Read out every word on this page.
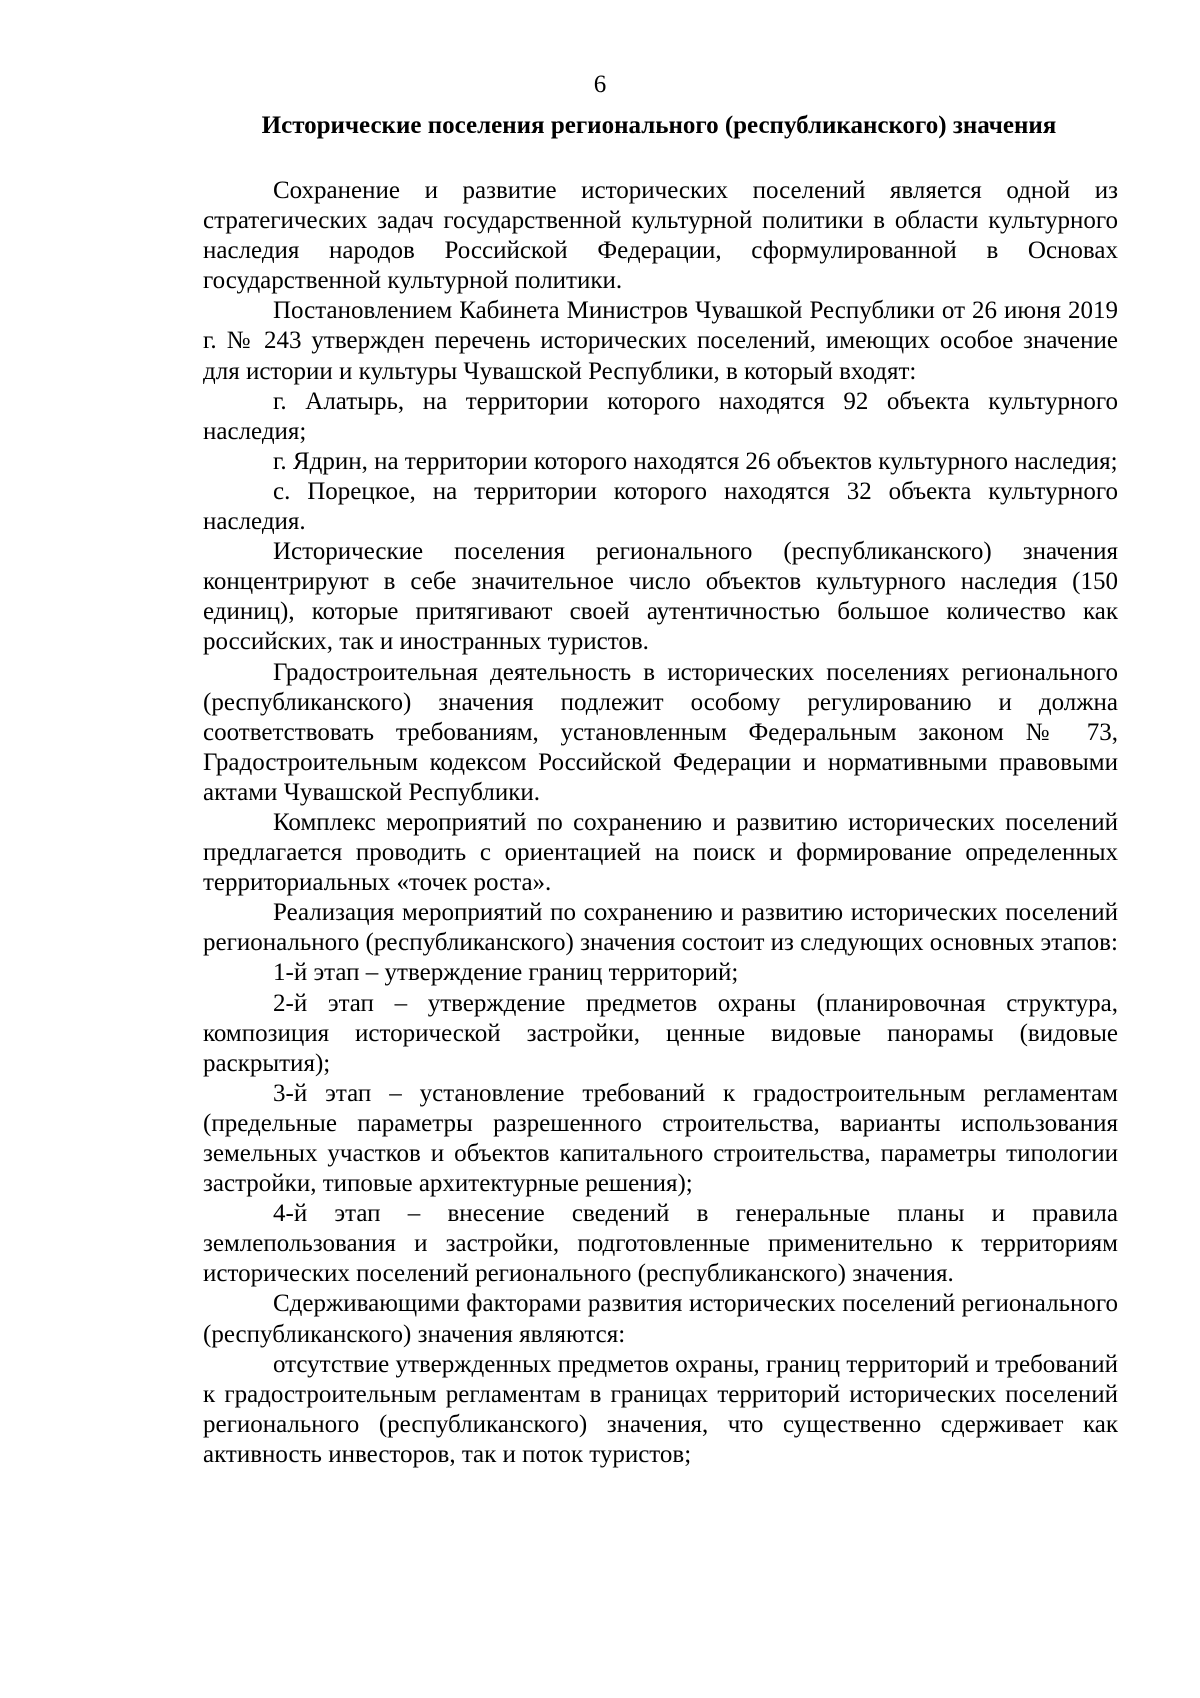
6
Исторические поселения регионального (республиканского) значения

Сохранение и развитие исторических поселений является одной из стратегических задач государственной культурной политики в области культурного наследия народов Российской Федерации, сформулированной в Основах государственной культурной политики.

Постановлением Кабинета Министров Чувашкой Республики от 26 июня 2019 г. № 243 утвержден перечень исторических поселений, имеющих особое значение для истории и культуры Чувашской Республики, в который входят:

г. Алатырь, на территории которого находятся 92 объекта культурного наследия;

г. Ядрин, на территории которого находятся 26 объектов культурного наследия;

с. Порецкое, на территории которого находятся 32 объекта культурного наследия.

Исторические поселения регионального (республиканского) значения концентрируют в себе значительное число объектов культурного наследия (150 единиц), которые притягивают своей аутентичностью большое количество как российских, так и иностранных туристов.

Градостроительная деятельность в исторических поселениях регионального (республиканского) значения подлежит особому регулированию и должна соответствовать требованиям, установленным Федеральным законом № 73, Градостроительным кодексом Российской Федерации и нормативными правовыми актами Чувашской Республики.

Комплекс мероприятий по сохранению и развитию исторических поселений предлагается проводить с ориентацией на поиск и формирование определенных территориальных «точек роста».

Реализация мероприятий по сохранению и развитию исторических поселений регионального (республиканского) значения состоит из следующих основных этапов:

1-й этап – утверждение границ территорий;

2-й этап – утверждение предметов охраны (планировочная структура, композиция исторической застройки, ценные видовые панорамы (видовые раскрытия);

3-й этап – установление требований к градостроительным регламентам (предельные параметры разрешенного строительства, варианты использования земельных участков и объектов капитального строительства, параметры типологии застройки, типовые архитектурные решения);

4-й этап – внесение сведений в генеральные планы и правила землепользования и застройки, подготовленные применительно к территориям исторических поселений регионального (республиканского) значения.

Сдерживающими факторами развития исторических поселений регионального (республиканского) значения являются:

отсутствие утвержденных предметов охраны, границ территорий и требований к градостроительным регламентам в границах территорий исторических поселений регионального (республиканского) значения, что существенно сдерживает как активность инвесторов, так и поток туристов;
